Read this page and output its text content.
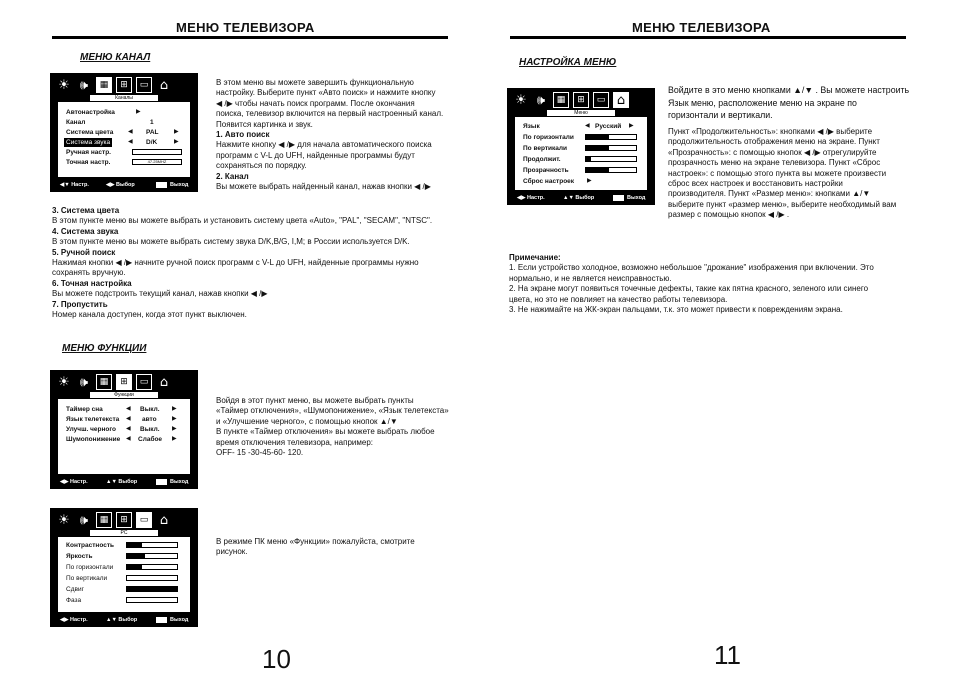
МЕНЮ ТЕЛЕВИЗОРА
МЕНЮ КАНАЛ
☀ 🕪	▦	⊞	▭ ⌂
Каналы
Автонастройка	▶
Канал	1
Система цвета ◀ PAL	▶
Система звука	◀ D/K	▶
Ручная настр.
Точная настр.	47.25MHZ
◀▼ Настр.	◀▶ Выбор	Выход

В этом меню вы можете завершить функциональную

настройку. Выберите пункт «Авто поиск» и нажмите кнопку

◀ /▶ чтобы начать поиск программ. После окончания

поиска, телевизор включится на первый настроенный канал.

Появится картинка и звук.

1. Авто поиск

Нажмите кнопку ◀ /▶ для начала автоматического поиска

программ с V-L до UFH, найденные программы будут

сохраняться по порядку.

2. Канал

Вы можете выбрать найденный канал, нажав кнопки ◀ /▶

3. Система цвета

В этом пункте меню вы можете выбрать и установить систему цвета «Auto», "PAL", "SECAM", "NTSC".

4. Система звука

В этом пункте меню вы можете выбрать систему звука D/K,B/G, I,M; в России используется D/K.

5. Ручной поиск

Нажимая кнопки ◀ /▶ начните ручной поиск программ с V-L до UFH, найденные программы нужно

сохранять вручную.

6. Точная настройка

Вы можете подстроить текущий канал, нажав кнопки ◀ /▶

7. Пропустить

Номер канала доступен, когда этот пункт выключен.

МЕНЮ ФУНКЦИИ
☀ 🕪	▦	⊞	▭ ⌂
Функции
Таймер сна	◀ Выкл. ▶
Язык телетекста ◀ авто	▶
Улучш. черного ◀ Выкл. ▶
Шумопонижение ◀ Слабое ▶
◀▶ Настр.	▲▼ Выбор	Выход

Войдя в этот пункт меню, вы можете выбрать пункты

«Таймер отключения», «Шумопонижение», «Язык телетекста»

и «Улучшение черного», с помощью кнопок ▲/▼

В пункте «Таймер отключения» вы можете выбрать любое

время отключения телевизора, например:

OFF- 15 -30-45-60- 120.

☀ 🕪	▦	⊞	▭ ⌂
PC
Контрастность
Яркость
По горизонтали
По вертикали
Сдвиг
Фаза
◀▶ Настр.	▲▼ Выбор	Выход

В режиме ПК меню «Функции» пожалуйста, смотрите

рисунок.

10
МЕНЮ ТЕЛЕВИЗОРА
НАСТРОЙКА МЕНЮ
☀ 🕪	▦	⊞	▭ ⌂
Меню
Язык	◀ Русский ▶
По горизонтали
По вертикали
Продолжит.
Прозрачность
Сброс настроек ▶
◀▶ Настр.	▲▼ Выбор	Выход

Войдите в это меню кнопками ▲/▼ . Вы можете настроить

Язык меню, расположение меню на экране по

горизонтали и вертикали.

Пункт «Продолжительность»: кнопками ◀ /▶ выберите

продолжительность отображения меню на экране. Пункт

«Прозрачность»: с помощью кнопок ◀ /▶ отрегулируйте

прозрачность меню на экране телевизора. Пункт «Сброс

настроек»: с помощью этого пункта вы можете произвести

сброс всех настроек и восстановить настройки

производителя. Пункт «Размер меню»: кнопками ▲/▼

выберите пункт «размер меню», выберите необходимый вам

размер с помощью кнопок ◀ /▶ .

Примечание:

1. Если устройство холодное, возможно небольшое "дрожание" изображения при включении. Это

нормально, и не является неисправностью.

2. На экране могут появиться точечные дефекты, такие как пятна красного, зеленого или синего

цвета, но это не повлияет на качество работы телевизора.

3. Не нажимайте на ЖК-экран пальцами, т.к. это может привести к повреждениям экрана.

11
